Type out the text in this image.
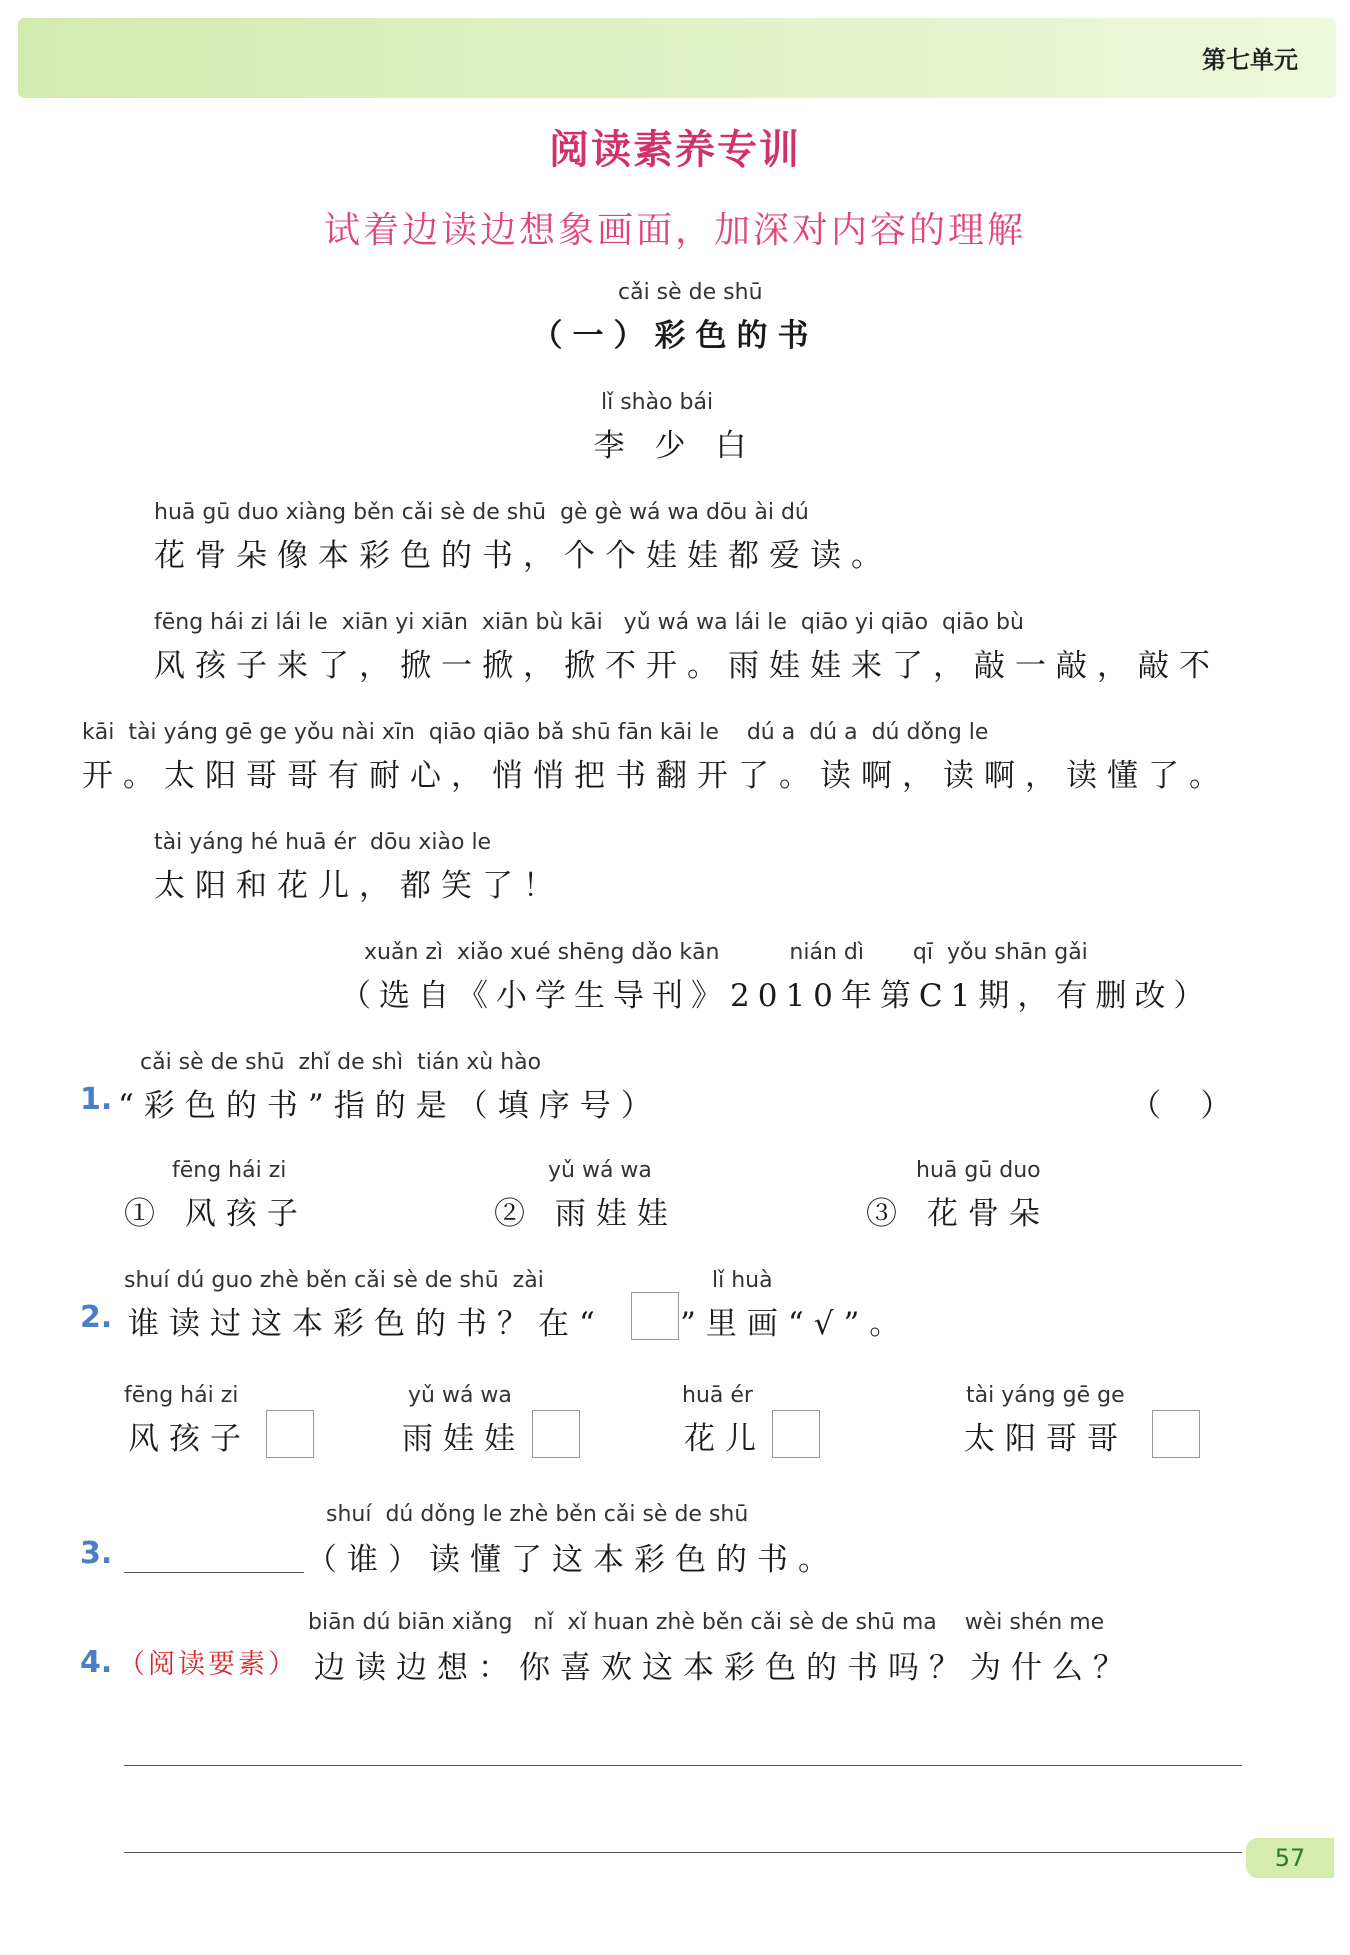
第七单元
阅读素养专训
试着边读边想象画面，加深对内容的理解
cǎi sè de shū
（一）彩色的书
lǐ shào bái
李 少 白
huā gū duo xiàng běn cǎi sè de shū  gè gè wá wa dōu ài dú
花骨朵像本彩色的书，个个娃娃都爱读。
fēng hái zi lái le  xiān yi xiān  xiān bù kāi   yǔ wá wa lái le  qiāo yi qiāo  qiāo bù
风孩子来了，掀一掀，掀不开。雨娃娃来了，敲一敲，敲不
kāi  tài yáng gē ge yǒu nài xīn  qiāo qiāo bǎ shū fān kāi le    dú a  dú a  dú dǒng le
开。太阳哥哥有耐心，悄悄把书翻开了。读啊，读啊，读懂了。
tài yáng hé huā ér  dōu xiào le
太阳和花儿，都笑了！
xuǎn zì  xiǎo xué shēng dǎo kān          nián dì       qī  yǒu shān gǎi
（选自《小学生导刊》2010年第C1期，有删改）
cǎi sè de shū  zhǐ de shì  tián xù hào
1. “彩色的书”指的是（填序号）	（    ）
fēng hái zi
① 风孩子
yǔ wá wa
② 雨娃娃
huā gū duo
③ 花骨朵
shuí dú guo zhè běn cǎi sè de shū  zài	lǐ huà
2. 谁读过这本彩色的书？在“ ”里画“√”。
fēng hái zi
风孩子
yǔ wá wa
雨娃娃
huā ér
花儿
tài yáng gē ge
太阳哥哥
shuí  dú dǒng le zhè běn cǎi sè de shū
3.	（谁）读懂了这本彩色的书。
biān dú biān xiǎng   nǐ  xǐ huan zhè běn cǎi sè de shū ma    wèi shén me
4. （阅读要素） 边读边想：你喜欢这本彩色的书吗？为什么？
57
